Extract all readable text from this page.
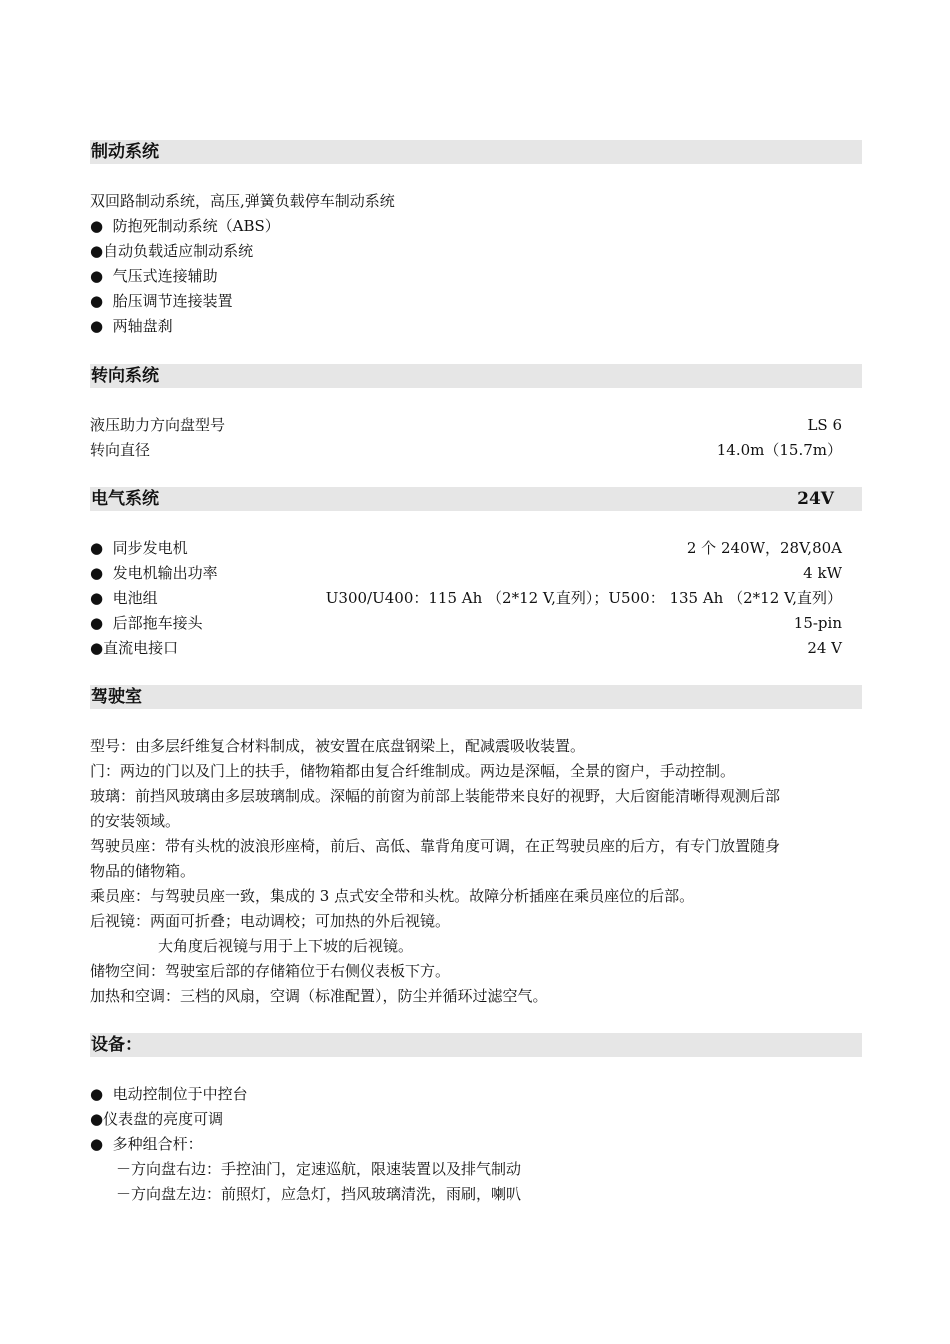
制动系统
双回路制动系统，高压,弹簧负载停车制动系统
●  防抱死制动系统（ABS）
●自动负载适应制动系统
●  气压式连接辅助
●  胎压调节连接装置
●  两轴盘刹
转向系统
液压助力方向盘型号	LS 6
转向直径	14.0m（15.7m）
电气系统	24V
●  同步发电机	2 个 240W，28V,80A
●  发电机输出功率	4 kW
●  电池组	U300/U400：115 Ah （2*12 V,直列）；U500： 135 Ah （2*12 V,直列）
●  后部拖车接头	15-pin
●直流电接口	24 V
驾驶室
型号：由多层纤维复合材料制成，被安置在底盘钢梁上，配减震吸收装置。
门：两边的门以及门上的扶手，储物箱都由复合纤维制成。两边是深幅，全景的窗户，手动控制。
玻璃：前挡风玻璃由多层玻璃制成。深幅的前窗为前部上装能带来良好的视野，大后窗能清晰得观测后部
的安装领域。
驾驶员座：带有头枕的波浪形座椅，前后、高低、靠背角度可调，在正驾驶员座的后方，有专门放置随身
物品的储物箱。
乘员座：与驾驶员座一致，集成的 3 点式安全带和头枕。故障分析插座在乘员座位的后部。
后视镜：两面可折叠；电动调校；可加热的外后视镜。
大角度后视镜与用于上下坡的后视镜。
储物空间：驾驶室后部的存储箱位于右侧仪表板下方。
加热和空调：三档的风扇，空调（标准配置），防尘并循环过滤空气。
设备：
●  电动控制位于中控台
●仪表盘的亮度可调
●  多种组合杆：
－方向盘右边：手控油门，定速巡航，限速装置以及排气制动
－方向盘左边：前照灯，应急灯，挡风玻璃清洗，雨刷，喇叭
